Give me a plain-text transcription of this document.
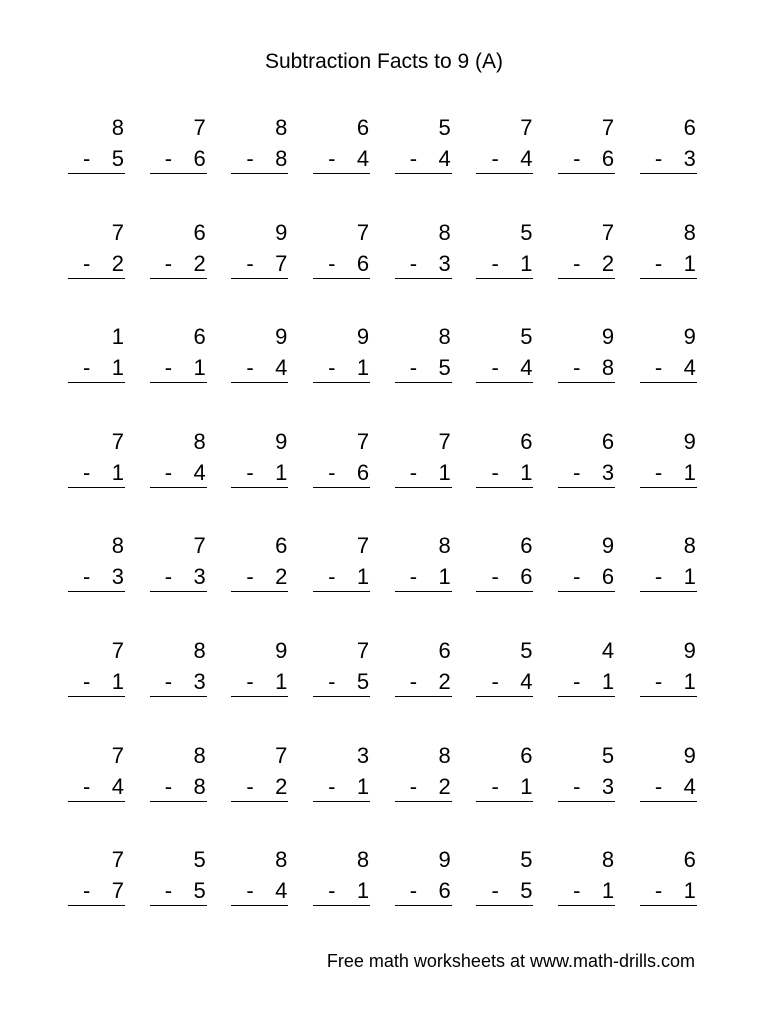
Subtraction Facts to 9 (A)
8
- 5
7
- 6
8
- 8
6
- 4
5
- 4
7
- 4
7
- 6
6
- 3
7
- 2
6
- 2
9
- 7
7
- 6
8
- 3
5
- 1
7
- 2
8
- 1
1
- 1
6
- 1
9
- 4
9
- 1
8
- 5
5
- 4
9
- 8
9
- 4
7
- 1
8
- 4
9
- 1
7
- 6
7
- 1
6
- 1
6
- 3
9
- 1
8
- 3
7
- 3
6
- 2
7
- 1
8
- 1
6
- 6
9
- 6
8
- 1
7
- 1
8
- 3
9
- 1
7
- 5
6
- 2
5
- 4
4
- 1
9
- 1
7
- 4
8
- 8
7
- 2
3
- 1
8
- 2
6
- 1
5
- 3
9
- 4
7
- 7
5
- 5
8
- 4
8
- 1
9
- 6
5
- 5
8
- 1
6
- 1
Free math worksheets at www.math-drills.com
